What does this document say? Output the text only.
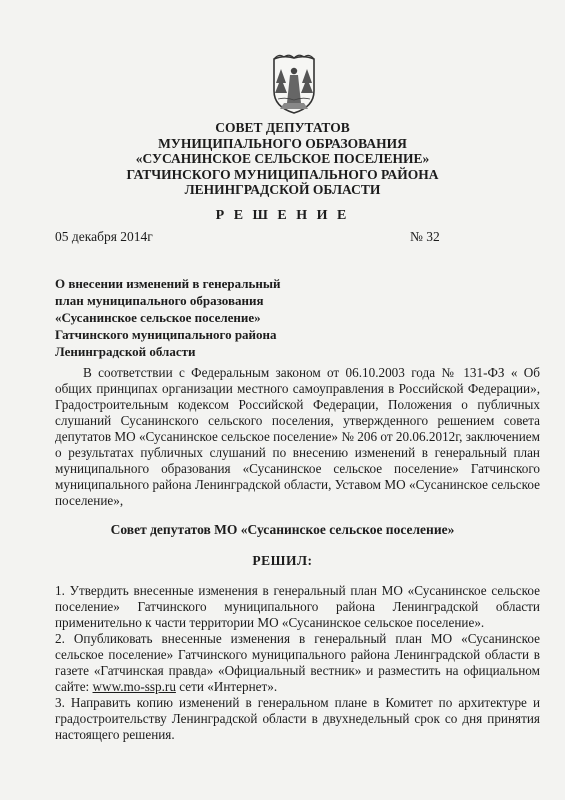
СОВЕТ ДЕПУТАТОВ
МУНИЦИПАЛЬНОГО ОБРАЗОВАНИЯ
«СУСАНИНСКОЕ СЕЛЬСКОЕ ПОСЕЛЕНИЕ»
ГАТЧИНСКОГО МУНИЦИПАЛЬНОГО РАЙОНА
ЛЕНИНГРАДСКОЙ ОБЛАСТИ
Р Е Ш Е Н И Е
05 декабря 2014г	№ 32
О внесении изменений в генеральный
план муниципального образования
«Сусанинское сельское поселение»
Гатчинского муниципального района
Ленинградской области

В соответствии с Федеральным законом от 06.10.2003 года № 131-ФЗ « Об общих принципах организации местного самоуправления в Российской Федерации», Градостроительным кодексом Российской Федерации, Положения о публичных слушаний Сусанинского сельского поселения, утвержденного решением совета депутатов МО «Сусанинское сельское поселение» № 206 от 20.06.2012г, заключением о результатах публичных слушаний по внесению изменений в генеральный план муниципального образования «Сусанинское сельское поселение» Гатчинского муниципального района Ленинградской области, Уставом МО «Сусанинское сельское поселение»,

Совет депутатов МО «Сусанинское сельское поселение»
РЕШИЛ:

1. Утвердить внесенные изменения в генеральный план МО «Сусанинское сельское поселение» Гатчинского муниципального района Ленинградской области применительно к части территории МО «Сусанинское сельское поселение».

2. Опубликовать внесенные изменения в генеральный план МО «Сусанинское сельское поселение» Гатчинского муниципального района Ленинградской области в газете «Гатчинская правда» «Официальный вестник» и разместить на официальном сайте: www.mo-ssp.ru сети «Интернет».

3. Направить копию изменений в генеральном плане в Комитет по архитектуре и градостроительству Ленинградской области в двухнедельный срок со дня принятия настоящего решения.
